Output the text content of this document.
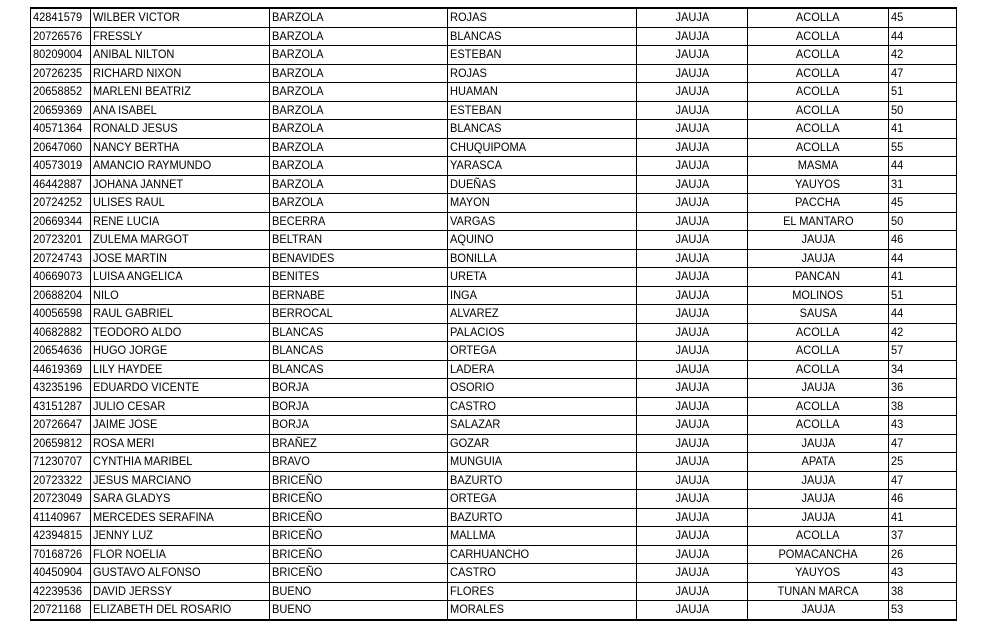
42841579	WILBER VICTOR	BARZOLA	ROJAS	JAUJA	ACOLLA	45
20726576	FRESSLY	BARZOLA	BLANCAS	JAUJA	ACOLLA	44
80209004	ANIBAL NILTON	BARZOLA	ESTEBAN	JAUJA	ACOLLA	42
20726235	RICHARD NIXON	BARZOLA	ROJAS	JAUJA	ACOLLA	47
20658852	MARLENI BEATRIZ	BARZOLA	HUAMAN	JAUJA	ACOLLA	51
20659369	ANA ISABEL	BARZOLA	ESTEBAN	JAUJA	ACOLLA	50
40571364	RONALD JESUS	BARZOLA	BLANCAS	JAUJA	ACOLLA	41
20647060	NANCY BERTHA	BARZOLA	CHUQUIPOMA	JAUJA	ACOLLA	55
40573019	AMANCIO RAYMUNDO	BARZOLA	YARASCA	JAUJA	MASMA	44
46442887	JOHANA JANNET	BARZOLA	DUEÑAS	JAUJA	YAUYOS	31
20724252	ULISES RAUL	BARZOLA	MAYON	JAUJA	PACCHA	45
20669344	RENE LUCIA	BECERRA	VARGAS	JAUJA	EL MANTARO	50
20723201	ZULEMA MARGOT	BELTRAN	AQUINO	JAUJA	JAUJA	46
20724743	JOSE MARTIN	BENAVIDES	BONILLA	JAUJA	JAUJA	44
40669073	LUISA ANGELICA	BENITES	URETA	JAUJA	PANCAN	41
20688204	NILO	BERNABE	INGA	JAUJA	MOLINOS	51
40056598	RAUL GABRIEL	BERROCAL	ALVAREZ	JAUJA	SAUSA	44
40682882	TEODORO ALDO	BLANCAS	PALACIOS	JAUJA	ACOLLA	42
20654636	HUGO JORGE	BLANCAS	ORTEGA	JAUJA	ACOLLA	57
44619369	LILY HAYDEE	BLANCAS	LADERA	JAUJA	ACOLLA	34
43235196	EDUARDO VICENTE	BORJA	OSORIO	JAUJA	JAUJA	36
43151287	JULIO CESAR	BORJA	CASTRO	JAUJA	ACOLLA	38
20726647	JAIME JOSE	BORJA	SALAZAR	JAUJA	ACOLLA	43
20659812	ROSA MERI	BRAÑEZ	GOZAR	JAUJA	JAUJA	47
71230707	CYNTHIA MARIBEL	BRAVO	MUNGUIA	JAUJA	APATA	25
20723322	JESUS MARCIANO	BRICEÑO	BAZURTO	JAUJA	JAUJA	47
20723049	SARA GLADYS	BRICEÑO	ORTEGA	JAUJA	JAUJA	46
41140967	MERCEDES SERAFINA	BRICEÑO	BAZURTO	JAUJA	JAUJA	41
42394815	JENNY LUZ	BRICEÑO	MALLMA	JAUJA	ACOLLA	37
70168726	FLOR NOELIA	BRICEÑO	CARHUANCHO	JAUJA	POMACANCHA	26
40450904	GUSTAVO ALFONSO	BRICEÑO	CASTRO	JAUJA	YAUYOS	43
42239536	DAVID JERSSY	BUENO	FLORES	JAUJA	TUNAN MARCA	38
20721168	ELIZABETH DEL ROSARIO	BUENO	MORALES	JAUJA	JAUJA	53
